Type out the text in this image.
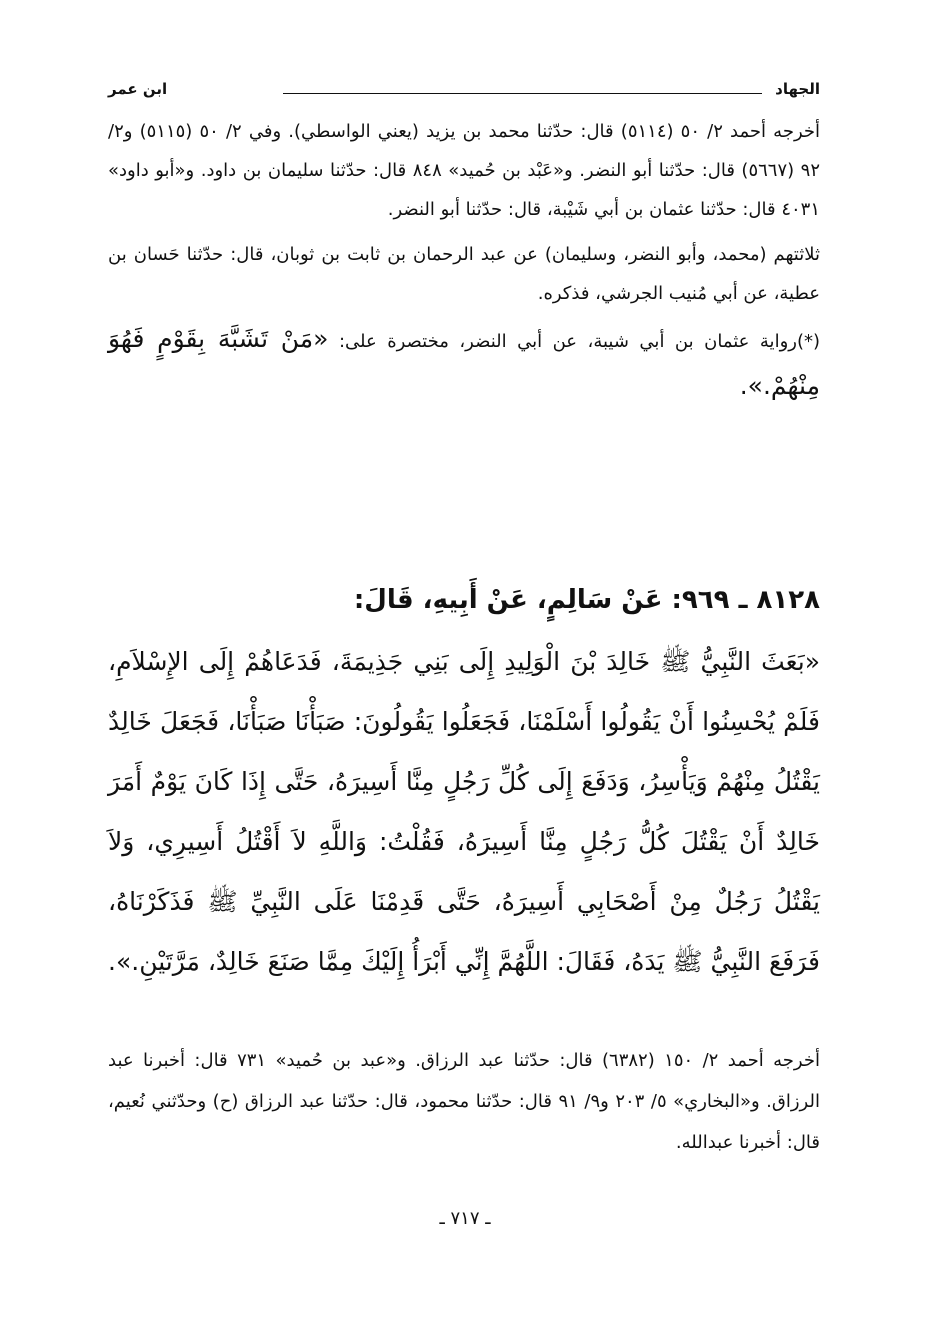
الجهاد
ابن عمر

أخرجه أحمد ٢/ ٥٠ (٥١١٤) قال: حدّثنا محمد بن يزيد (يعني الواسطي). وفي ٢/ ٥٠ (٥١١٥) و٢/ ٩٢ (٥٦٦٧) قال: حدّثنا أبو النضر. و«عَبْد بن حُميد» ٨٤٨ قال: حدّثنا سليمان بن داود. و«أبو داود» ٤٠٣١ قال: حدّثنا عثمان بن أبي شَيْبة، قال: حدّثنا أبو النضر.

ثلاثتهم (محمد، وأبو النضر، وسليمان) عن عبد الرحمان بن ثابت بن ثوبان، قال: حدّثنا حَسان بن عطية، عن أبي مُنيب الجرشي، فذكره.

(*)رواية عثمان بن أبي شيبة، عن أبي النضر، مختصرة على: «مَنْ تَشَبَّهَ بِقَوْمٍ فَهُوَ مِنْهُمْ.».

٨١٢٨ ـ ٩٦٩: عَنْ سَالِمٍ، عَنْ أَبِيهِ، قَالَ:

«بَعَثَ النَّبِيُّ ﷺ خَالِدَ بْنَ الْوَلِيدِ إِلَى بَنِي جَذِيمَةَ، فَدَعَاهُمْ إِلَى الإِسْلاَمِ، فَلَمْ يُحْسِنُوا أَنْ يَقُولُوا أَسْلَمْنَا، فَجَعَلُوا يَقُولُونَ: صَبَأْنَا صَبَأْنَا، فَجَعَلَ خَالِدٌ يَقْتُلُ مِنْهُمْ وَيَأْسِرُ، وَدَفَعَ إِلَى كُلِّ رَجُلٍ مِنَّا أَسِيرَهُ، حَتَّى إِذَا كَانَ يَوْمٌ أَمَرَ خَالِدٌ أَنْ يَقْتُلَ كُلُّ رَجُلٍ مِنَّا أَسِيرَهُ، فَقُلْتُ: وَاللَّهِ لاَ أَقْتُلُ أَسِيرِي، وَلاَ يَقْتُلُ رَجُلٌ مِنْ أَصْحَابِي أَسِيرَهُ، حَتَّى قَدِمْنَا عَلَى النَّبِيِّ ﷺ فَذَكَرْنَاهُ، فَرَفَعَ النَّبِيُّ ﷺ يَدَهُ، فَقَالَ: اللَّهُمَّ إِنِّي أَبْرَأُ إِلَيْكَ مِمَّا صَنَعَ خَالِدٌ، مَرَّتَيْنِ.».

أخرجه أحمد ٢/ ١٥٠ (٦٣٨٢) قال: حدّثنا عبد الرزاق. و«عبد بن حُميد» ٧٣١ قال: أخبرنا عبد الرزاق. و«البخاري» ٥/ ٢٠٣ و٩/ ٩١ قال: حدّثنا محمود، قال: حدّثنا عبد الرزاق (ح) وحدّثني نُعيم، قال: أخبرنا عبدالله.

ـ ٧١٧ ـ
